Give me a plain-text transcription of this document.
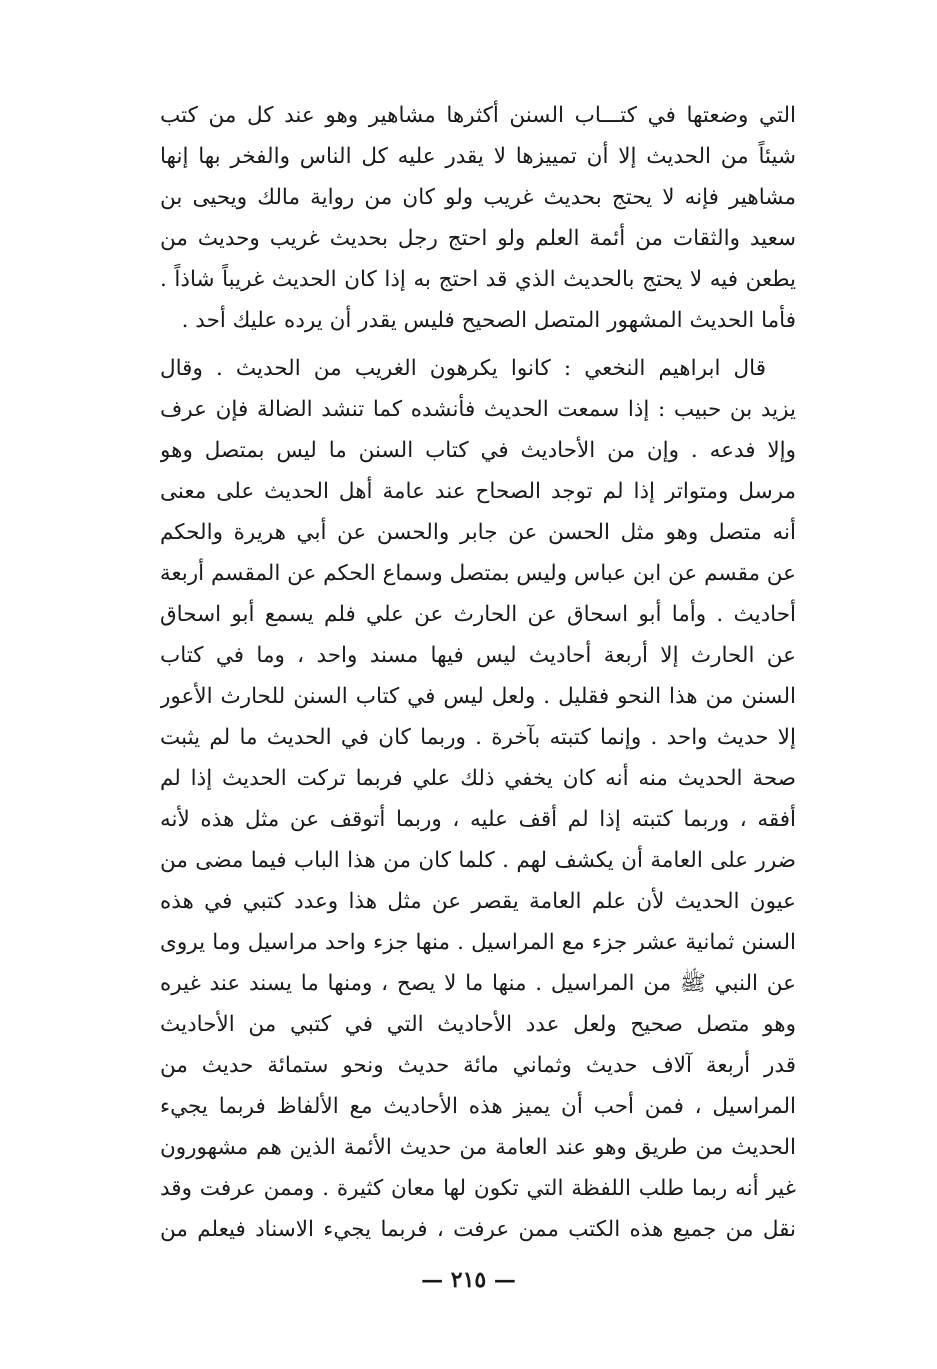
التي وضعتها في كتـــاب السنن أكثرها مشاهير وهو عند كل من كتب
شيئاً من الحديث إلا أن تمييزها لا يقدر عليه كل الناس والفخر بها إنها
مشاهير فإنه لا يحتج بحديث غريب ولو كان من رواية مالك ويحيى بن
سعيد والثقات من أئمة العلم ولو احتج رجل بحديث غريب وحديث من
يطعن فيه لا يحتج بالحديث الذي قد احتج به إذا كان الحديث غريباً شاذاً .
فأما الحديث المشهور المتصل الصحيح فليس يقدر أن يرده عليك أحد .
قال ابراهيم النخعي : كانوا يكرهون الغريب من الحديث . وقال
يزيد بن حبيب : إذا سمعت الحديث فأنشده كما تنشد الضالة فإن عرف
وإلا فدعه . وإن من الأحاديث في كتاب السنن ما ليس بمتصل وهو
مرسل ومتواتر إذا لم توجد الصحاح عند عامة أهل الحديث على معنى
أنه متصل وهو مثل الحسن عن جابر والحسن عن أبي هريرة والحكم
عن مقسم عن ابن عباس وليس بمتصل وسماع الحكم عن المقسم أربعة
أحاديث . وأما أبو اسحاق عن الحارث عن علي فلم يسمع أبو اسحاق
عن الحارث إلا أربعة أحاديث ليس فيها مسند واحد ، وما في كتاب
السنن من هذا النحو فقليل . ولعل ليس في كتاب السنن للحارث الأعور
إلا حديث واحد . وإنما كتبته بآخرة . وربما كان في الحديث ما لم يثبت
صحة الحديث منه أنه كان يخفي ذلك علي فربما تركت الحديث إذا لم
أفقه ، وربما كتبته إذا لم أقف عليه ، وربما أتوقف عن مثل هذه لأنه
ضرر على العامة أن يكشف لهم . كلما كان من هذا الباب فيما مضى من
عيون الحديث لأن علم العامة يقصر عن مثل هذا وعدد كتبي في هذه
السنن ثمانية عشر جزء مع المراسيل . منها جزء واحد مراسيل وما يروى
عن النبي ﷺ من المراسيل . منها ما لا يصح ، ومنها ما يسند عند غيره
وهو متصل صحيح ولعل عدد الأحاديث التي في كتبي من الأحاديث
قدر أربعة آلاف حديث وثماني مائة حديث ونحو ستمائة حديث من
المراسيل ، فمن أحب أن يميز هذه الأحاديث مع الألفاظ فربما يجيء
الحديث من طريق وهو عند العامة من حديث الأئمة الذين هم مشهورون
غير أنه ربما طلب اللفظة التي تكون لها معان كثيرة . وممن عرفت وقد
نقل من جميع هذه الكتب ممن عرفت ، فربما يجيء الاسناد فيعلم من
— ٢١٥ —
